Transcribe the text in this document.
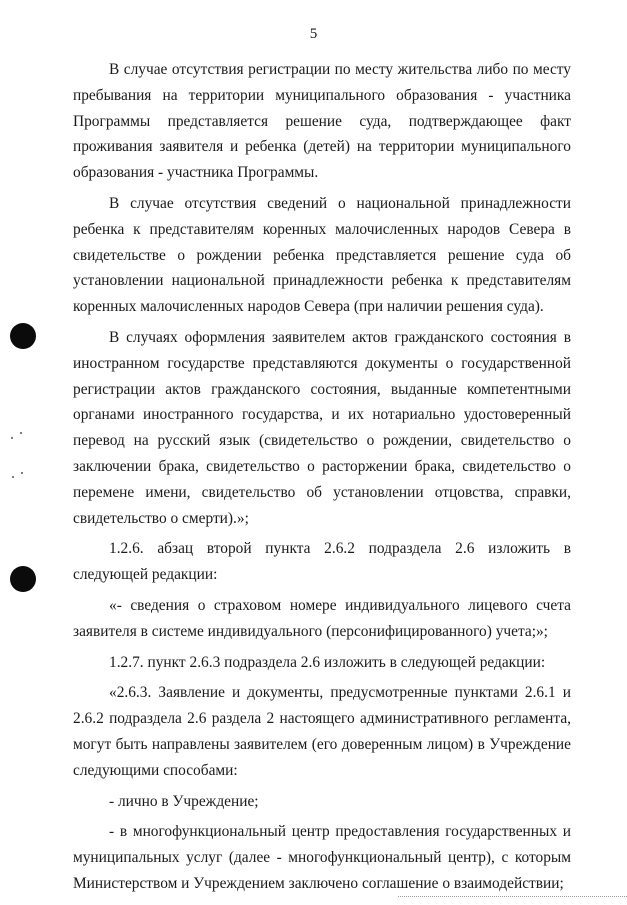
5

В случае отсутствия регистрации по месту жительства либо по месту пребывания на территории муниципального образования - участника Программы представляется решение суда, подтверждающее факт проживания заявителя и ребенка (детей) на территории муниципального образования - участника Программы.

В случае отсутствия сведений о национальной принадлежности ребенка к представителям коренных малочисленных народов Севера в свидетельстве о рождении ребенка представляется решение суда об установлении национальной принадлежности ребенка к представителям коренных малочисленных народов Севера (при наличии решения суда).

В случаях оформления заявителем актов гражданского состояния в иностранном государстве представляются документы о государственной регистрации актов гражданского состояния, выданные компетентными органами иностранного государства, и их нотариально удостоверенный перевод на русский язык (свидетельство о рождении, свидетельство о заключении брака, свидетельство о расторжении брака, свидетельство о перемене имени, свидетельство об установлении отцовства, справки, свидетельство о смерти).»;

1.2.6. абзац второй пункта 2.6.2 подраздела 2.6 изложить в следующей редакции:

«- сведения о страховом номере индивидуального лицевого счета заявителя в системе индивидуального (персонифицированного) учета;»;

1.2.7. пункт 2.6.3 подраздела 2.6 изложить в следующей редакции:

«2.6.3. Заявление и документы, предусмотренные пунктами 2.6.1 и 2.6.2 подраздела 2.6 раздела 2 настоящего административного регламента, могут быть направлены заявителем (его доверенным лицом) в Учреждение следующими способами:

- лично в Учреждение;

- в многофункциональный центр предоставления государственных и муниципальных услуг (далее - многофункциональный центр), с которым Министерством и Учреждением заключено соглашение о взаимодействии;
